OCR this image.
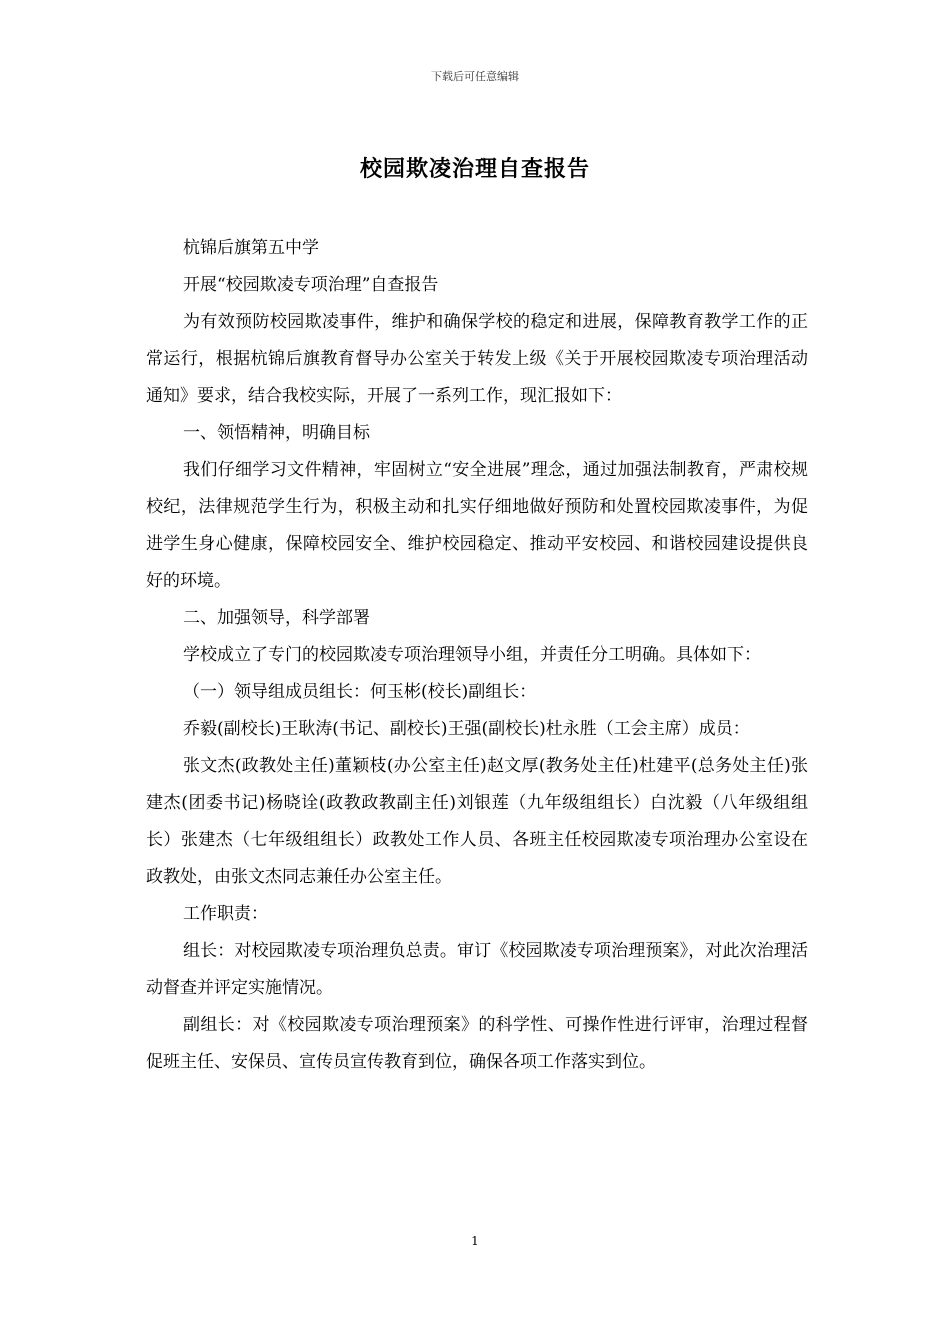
下载后可任意编辑
校园欺凌治理自查报告

杭锦后旗第五中学

开展“校园欺凌专项治理”自查报告

为有效预防校园欺凌事件，维护和确保学校的稳定和进展，保障教育教学工作的正常运行，根据杭锦后旗教育督导办公室关于转发上级《关于开展校园欺凌专项治理活动通知》要求，结合我校实际，开展了一系列工作，现汇报如下：

一、领悟精神，明确目标

我们仔细学习文件精神，牢固树立“安全进展”理念，通过加强法制教育，严肃校规校纪，法律规范学生行为，积极主动和扎实仔细地做好预防和处置校园欺凌事件，为促进学生身心健康，保障校园安全、维护校园稳定、推动平安校园、和谐校园建设提供良好的环境。

二、加强领导，科学部署

学校成立了专门的校园欺凌专项治理领导小组，并责任分工明确。具体如下：

（一）领导组成员组长：何玉彬(校长)副组长：

乔毅(副校长)王耿涛(书记、副校长)王强(副校长)杜永胜（工会主席）成员：

张文杰(政教处主任)董颖枝(办公室主任)赵文厚(教务处主任)杜建平(总务处主任)张建杰(团委书记)杨晓诠(政教政教副主任)刘银莲（九年级组组长）白沈毅（八年级组组长）张建杰（七年级组组长）政教处工作人员、各班主任校园欺凌专项治理办公室设在政教处，由张文杰同志兼任办公室主任。

工作职责：

组长：对校园欺凌专项治理负总责。审订《校园欺凌专项治理预案》，对此次治理活动督查并评定实施情况。

副组长：对《校园欺凌专项治理预案》的科学性、可操作性进行评审，治理过程督促班主任、安保员、宣传员宣传教育到位，确保各项工作落实到位。

1
